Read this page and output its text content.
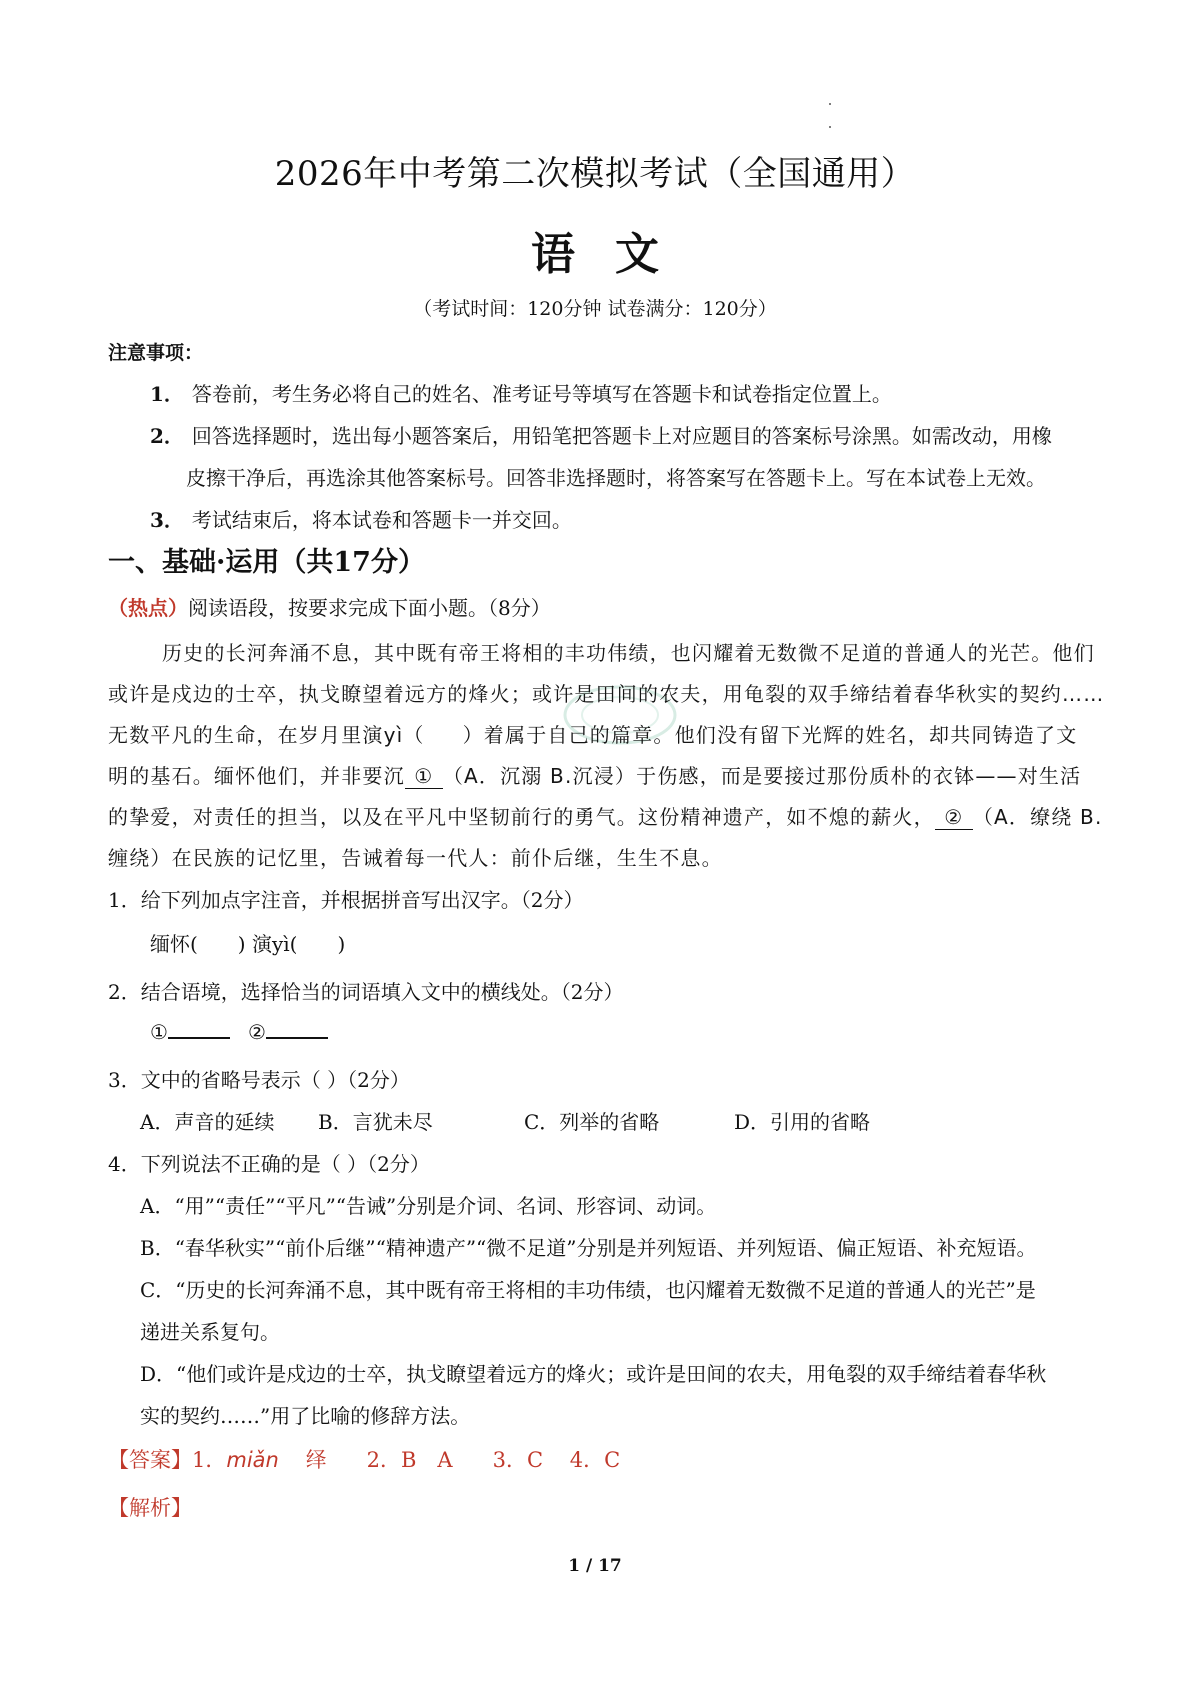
2026年中考第二次模拟考试（全国通用）
语文
（考试时间：120分钟 试卷满分：120分）
注意事项：
1． 答卷前，考生务必将自己的姓名、准考证号等填写在答题卡和试卷指定位置上。
2． 回答选择题时，选出每小题答案后，用铅笔把答题卡上对应题目的答案标号涂黑。如需改动，用橡
皮擦干净后，再选涂其他答案标号。回答非选择题时，将答案写在答题卡上。写在本试卷上无效。
3． 考试结束后，将本试卷和答题卡一并交回。
一、基础·运用（共17分）
（热点）阅读语段，按要求完成下面小题。（8分）
历史的长河奔涌不息，其中既有帝王将相的丰功伟绩，也闪耀着无数微不足道的普通人的光芒。他们
或许是戍边的士卒，执戈瞭望着远方的烽火；或许是田间的农夫，用龟裂的双手缔结着春华秋实的契约……
无数平凡的生命，在岁月里演yì（ ）着属于自己的篇章。他们没有留下光辉的姓名，却共同铸造了文
明的基石。缅怀他们，并非要沉 ① （A．沉溺 B.沉浸）于伤感，而是要接过那份质朴的衣钵——对生活
的挚爱，对责任的担当，以及在平凡中坚韧前行的勇气。这份精神遗产，如不熄的薪火， ② （A．缭绕 B.
缠绕）在民族的记忆里，告诫着每一代人：前仆后继，生生不息。
1．给下列加点字注音，并根据拼音写出汉字。（2分）
缅怀(　　) 演yì(　　)
2．结合语境，选择恰当的词语填入文中的横线处。（2分）
①	②
3．文中的省略号表示（ ）（2分）
A．声音的延续 B．言犹未尽	C．列举的省略	D．引用的省略
4．下列说法不正确的是（ ）（2分）
A．“用”“责任”“平凡”“告诫”分别是介词、名词、形容词、动词。
B．“春华秋实”“前仆后继”“精神遗产”“微不足道”分别是并列短语、并列短语、偏正短语、补充短语。
C．“历史的长河奔涌不息，其中既有帝王将相的丰功伟绩，也闪耀着无数微不足道的普通人的光芒”是
递进关系复句。
D．“他们或许是戍边的士卒，执戈瞭望着远方的烽火；或许是田间的农夫，用龟裂的双手缔结着春华秋
实的契约……”用了比喻的修辞方法。
【答案】1．miǎn 绎 2．B　A 3．C 4．C
【解析】
1 / 17
